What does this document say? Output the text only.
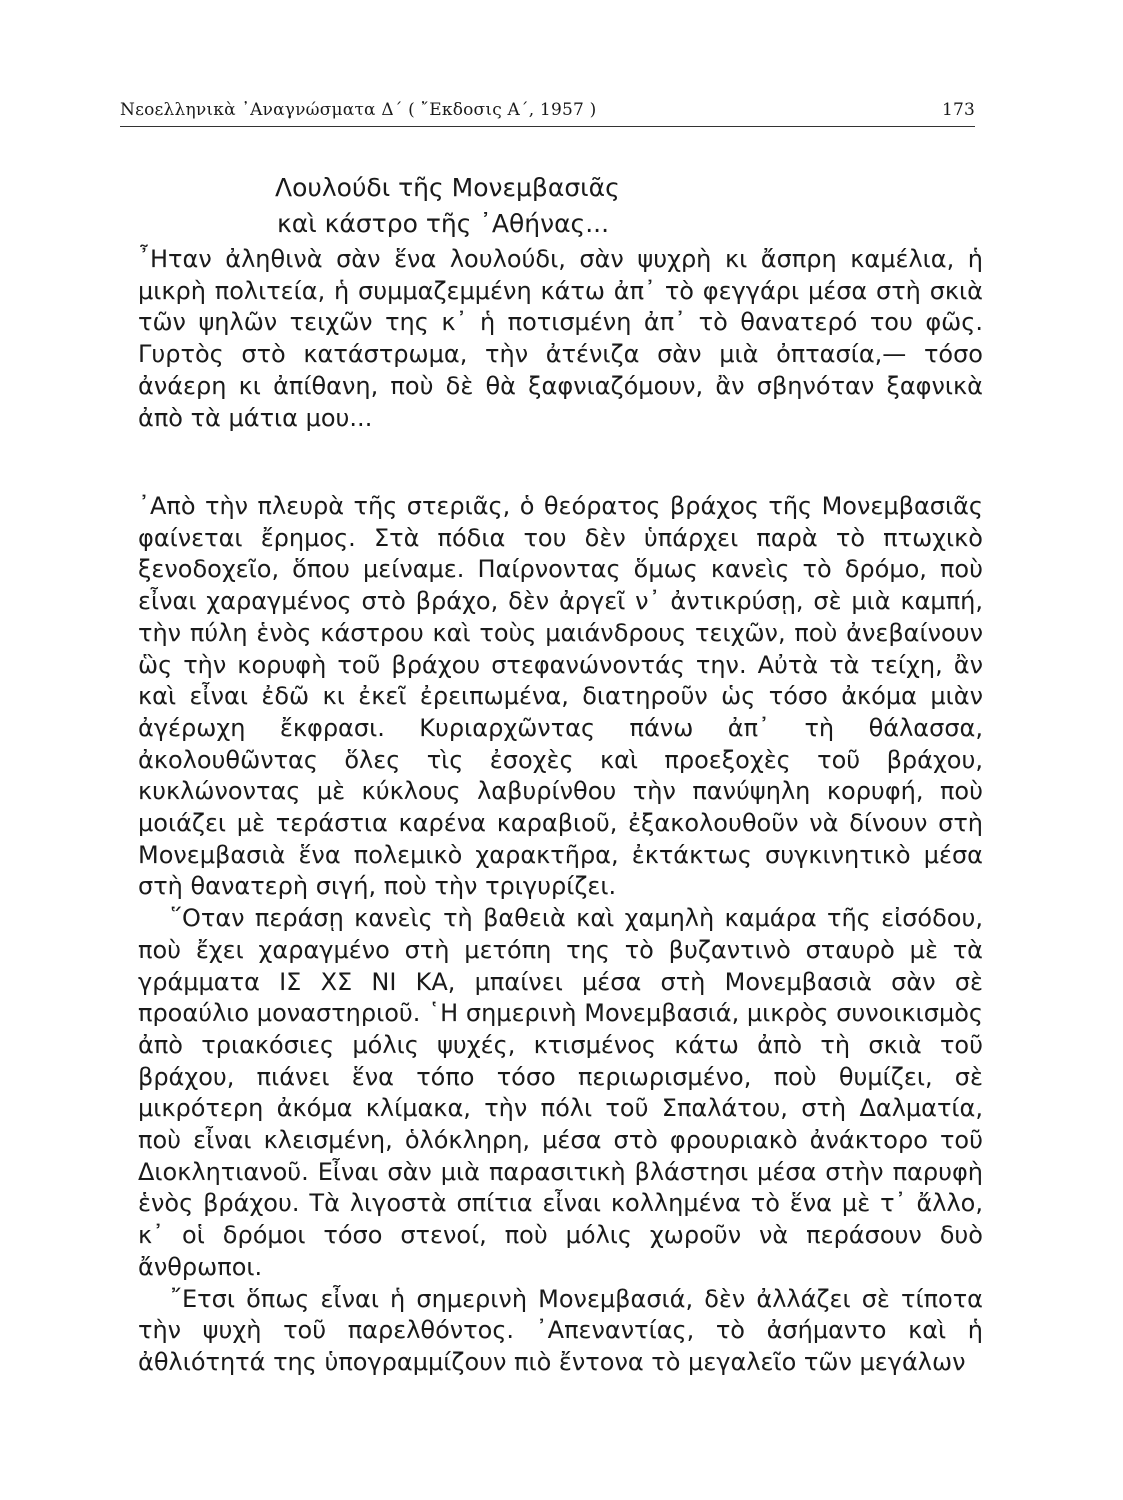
Νεοελληνικὰ ᾿Αναγνώσματα Δ´ ( ῎Εκδοσις Α´, 1957 )	173
Λουλούδι τῆς Μονεμβασιᾶς
καὶ κάστρο τῆς ᾿Αθήνας...

῏Ηταν ἀληθινὰ σὰν ἕνα λουλούδι, σὰν ψυχρὴ κι ἄσπρη καμέλια, ἡ μικρὴ πολιτεία, ἡ συμμαζεμμένη κάτω ἀπ᾿ τὸ φεγγάρι μέσα στὴ σκιὰ τῶν ψηλῶν τειχῶν της κ᾿ ἡ ποτισμένη ἀπ᾿ τὸ θανατερό του φῶς. Γυρτὸς στὸ κατάστρωμα, τὴν ἀτένιζα σὰν μιὰ ὀπτασία,— τόσο ἀνάερη κι ἀπίθανη, ποὺ δὲ θὰ ξαφνιαζόμουν, ἂν σβηνόταν ξαφνικὰ ἀπὸ τὰ μάτια μου...

᾿Απὸ τὴν πλευρὰ τῆς στεριᾶς, ὁ θεόρατος βράχος τῆς Μονεμβασιᾶς φαίνεται ἔρημος. Στὰ πόδια του δὲν ὑπάρχει παρὰ τὸ πτωχικὸ ξενοδοχεῖο, ὅπου μείναμε. Παίρνοντας ὅμως κανεὶς τὸ δρόμο, ποὺ εἶναι χαραγμένος στὸ βράχο, δὲν ἀργεῖ ν᾿ ἀντικρύσῃ, σὲ μιὰ καμπή, τὴν πύλη ἑνὸς κάστρου καὶ τοὺς μαιάνδρους τειχῶν, ποὺ ἀνεβαίνουν ὣς τὴν κορυφὴ τοῦ βράχου στεφανώνοντάς την. Αὐτὰ τὰ τείχη, ἂν καὶ εἶναι ἐδῶ κι ἐκεῖ ἐρειπωμένα, διατηροῦν ὡς τόσο ἀκόμα μιὰν ἀγέρωχη ἔκφρασι. Κυριαρχῶντας πάνω ἀπ᾿ τὴ θάλασσα, ἀκολουθῶντας ὅλες τὶς ἐσοχὲς καὶ προεξοχὲς τοῦ βράχου, κυκλώνοντας μὲ κύκλους λαβυρίνθου τὴν πανύψηλη κορυφή, ποὺ μοιάζει μὲ τεράστια καρένα καραβιοῦ, ἐξακολουθοῦν νὰ δίνουν στὴ Μονεμβασιὰ ἕνα πολεμικὸ χαρακτῆρα, ἐκτάκτως συγκινητικὸ μέσα στὴ θανατερὴ σιγή, ποὺ τὴν τριγυρίζει.

῞Οταν περάσῃ κανεὶς τὴ βαθειὰ καὶ χαμηλὴ καμάρα τῆς εἰσόδου, ποὺ ἔχει χαραγμένο στὴ μετόπη της τὸ βυζαντινὸ σταυρὸ μὲ τὰ γράμματα ΙΣ ΧΣ ΝΙ ΚΑ, μπαίνει μέσα στὴ Μονεμβασιὰ σὰν σὲ προαύλιο μοναστηριοῦ. ῾Η σημερινὴ Μονεμβασιά, μικρὸς συνοικισμὸς ἀπὸ τριακόσιες μόλις ψυχές, κτισμένος κάτω ἀπὸ τὴ σκιὰ τοῦ βράχου, πιάνει ἕνα τόπο τόσο περιωρισμένο, ποὺ θυμίζει, σὲ μικρότερη ἀκόμα κλίμακα, τὴν πόλι τοῦ Σπαλάτου, στὴ Δαλματία, ποὺ εἶναι κλεισμένη, ὁλόκληρη, μέσα στὸ φρουριακὸ ἀνάκτορο τοῦ Διοκλητιανοῦ. Εἶναι σὰν μιὰ παρασιτικὴ βλάστησι μέσα στὴν παρυφὴ ἑνὸς βράχου. Τὰ λιγοστὰ σπίτια εἶναι κολλημένα τὸ ἕνα μὲ τ᾿ ἄλλο, κ᾿ οἱ δρόμοι τόσο στενοί, ποὺ μόλις χωροῦν νὰ περάσουν δυὸ ἄνθρωποι.

῎Ετσι ὅπως εἶναι ἡ σημερινὴ Μονεμβασιά, δὲν ἀλλάζει σὲ τίποτα τὴν ψυχὴ τοῦ παρελθόντος. ᾿Απεναντίας, τὸ ἀσήμαντο καὶ ἡ ἀθλιότητά της ὑπογραμμίζουν πιὸ ἔντονα τὸ μεγαλεῖο τῶν μεγάλων
